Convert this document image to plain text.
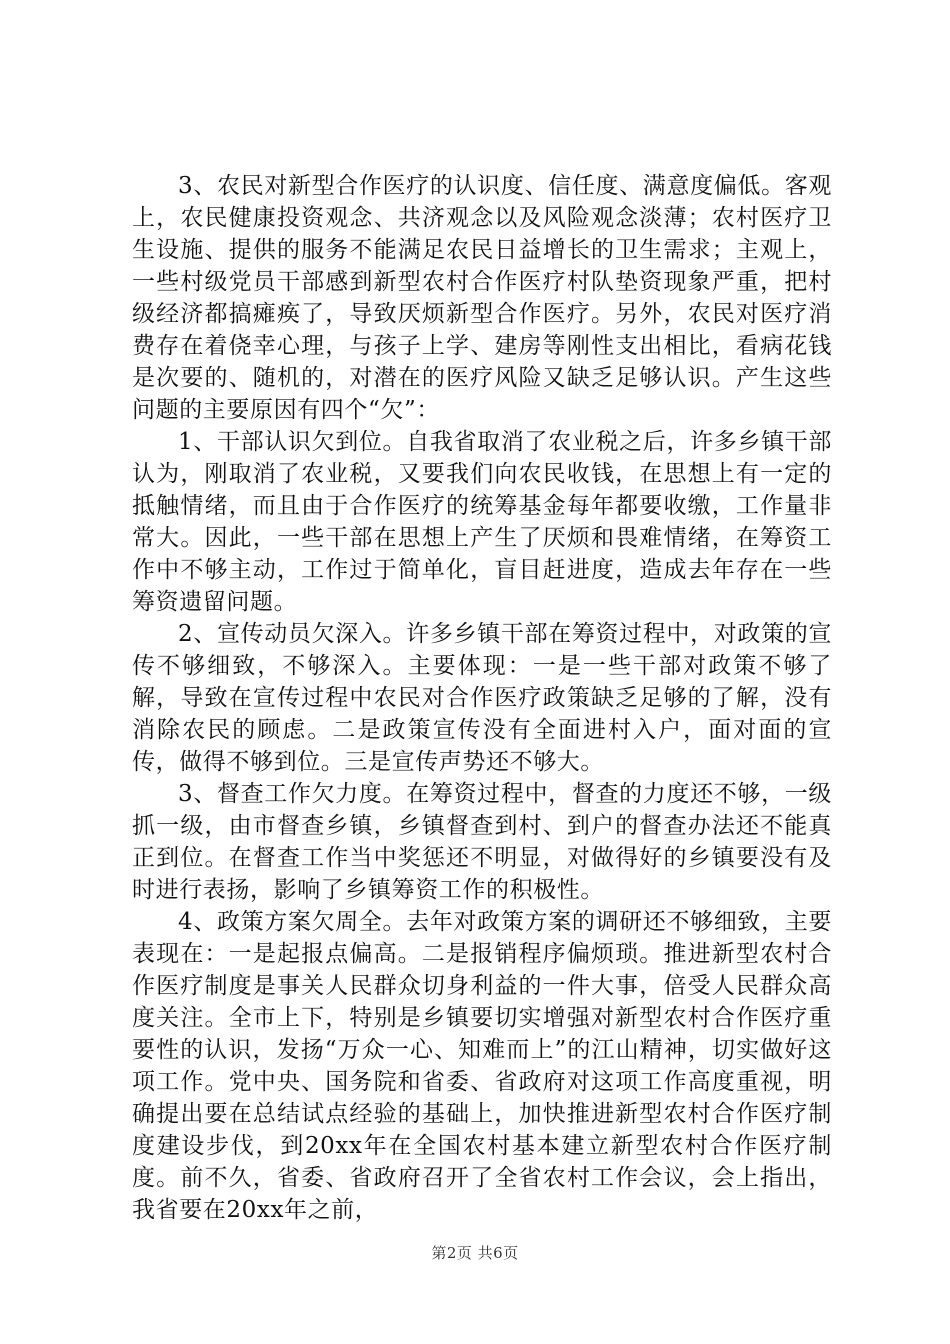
3、农民对新型合作医疗的认识度、信任度、满意度偏低。客观上，农民健康投资观念、共济观念以及风险观念淡薄；农村医疗卫生设施、提供的服务不能满足农民日益增长的卫生需求；主观上，一些村级党员干部感到新型农村合作医疗村队垫资现象严重，把村级经济都搞瘫痪了，导致厌烦新型合作医疗。另外，农民对医疗消费存在着侥幸心理，与孩子上学、建房等刚性支出相比，看病花钱是次要的、随机的，对潜在的医疗风险又缺乏足够认识。产生这些问题的主要原因有四个“欠”：

1、干部认识欠到位。自我省取消了农业税之后，许多乡镇干部认为，刚取消了农业税，又要我们向农民收钱，在思想上有一定的抵触情绪，而且由于合作医疗的统筹基金每年都要收缴，工作量非常大。因此，一些干部在思想上产生了厌烦和畏难情绪，在筹资工作中不够主动，工作过于简单化，盲目赶进度，造成去年存在一些筹资遗留问题。

2、宣传动员欠深入。许多乡镇干部在筹资过程中，对政策的宣传不够细致，不够深入。主要体现：一是一些干部对政策不够了解，导致在宣传过程中农民对合作医疗政策缺乏足够的了解，没有消除农民的顾虑。二是政策宣传没有全面进村入户，面对面的宣传，做得不够到位。三是宣传声势还不够大。

3、督查工作欠力度。在筹资过程中，督查的力度还不够，一级抓一级，由市督查乡镇，乡镇督查到村、到户的督查办法还不能真正到位。在督查工作当中奖惩还不明显，对做得好的乡镇要没有及时进行表扬，影响了乡镇筹资工作的积极性。

4、政策方案欠周全。去年对政策方案的调研还不够细致，主要表现在：一是起报点偏高。二是报销程序偏烦琐。推进新型农村合作医疗制度是事关人民群众切身利益的一件大事，倍受人民群众高度关注。全市上下，特别是乡镇要切实增强对新型农村合作医疗重要性的认识，发扬“万众一心、知难而上”的江山精神，切实做好这项工作。党中央、国务院和省委、省政府对这项工作高度重视，明确提出要在总结试点经验的基础上，加快推进新型农村合作医疗制度建设步伐，到20xx年在全国农村基本建立新型农村合作医疗制度。前不久，省委、省政府召开了全省农村工作会议，会上指出，我省要在20xx年之前，

第2页 共6页
